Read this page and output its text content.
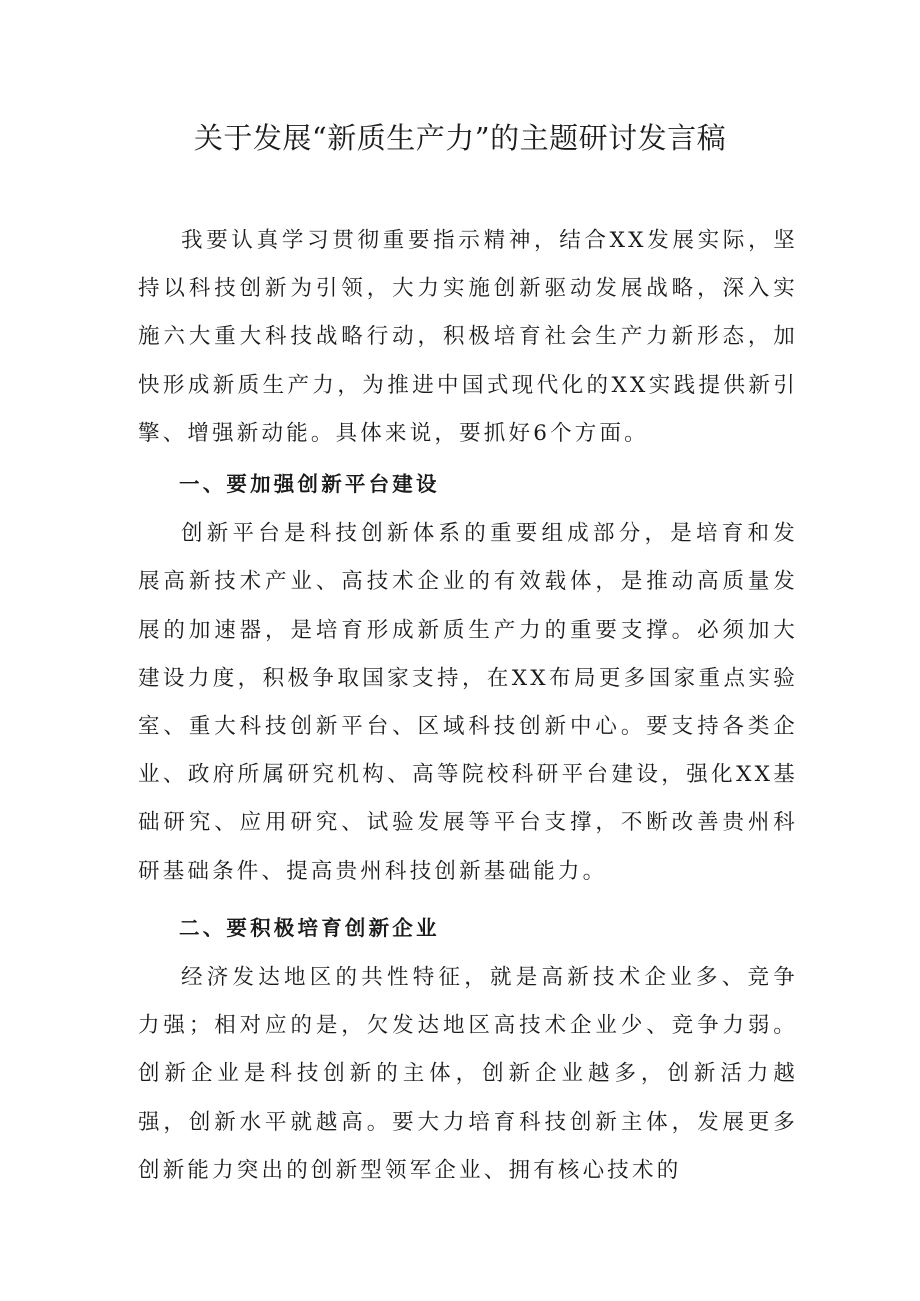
关于发展“新质生产力”的主题研讨发言稿

我要认真学习贯彻重要指示精神，结合XX发展实际，坚持以科技创新为引领，大力实施创新驱动发展战略，深入实施六大重大科技战略行动，积极培育社会生产力新形态，加快形成新质生产力，为推进中国式现代化的XX实践提供新引擎、增强新动能。具体来说，要抓好6个方面。

一、要加强创新平台建设

创新平台是科技创新体系的重要组成部分，是培育和发展高新技术产业、高技术企业的有效载体，是推动高质量发展的加速器，是培育形成新质生产力的重要支撑。必须加大建设力度，积极争取国家支持，在XX布局更多国家重点实验室、重大科技创新平台、区域科技创新中心。要支持各类企业、政府所属研究机构、高等院校科研平台建设，强化XX基础研究、应用研究、试验发展等平台支撑，不断改善贵州科研基础条件、提高贵州科技创新基础能力。

二、要积极培育创新企业

经济发达地区的共性特征，就是高新技术企业多、竞争力强；相对应的是，欠发达地区高技术企业少、竞争力弱。创新企业是科技创新的主体，创新企业越多，创新活力越强，创新水平就越高。要大力培育科技创新主体，发展更多创新能力突出的创新型领军企业、拥有核心技术的
